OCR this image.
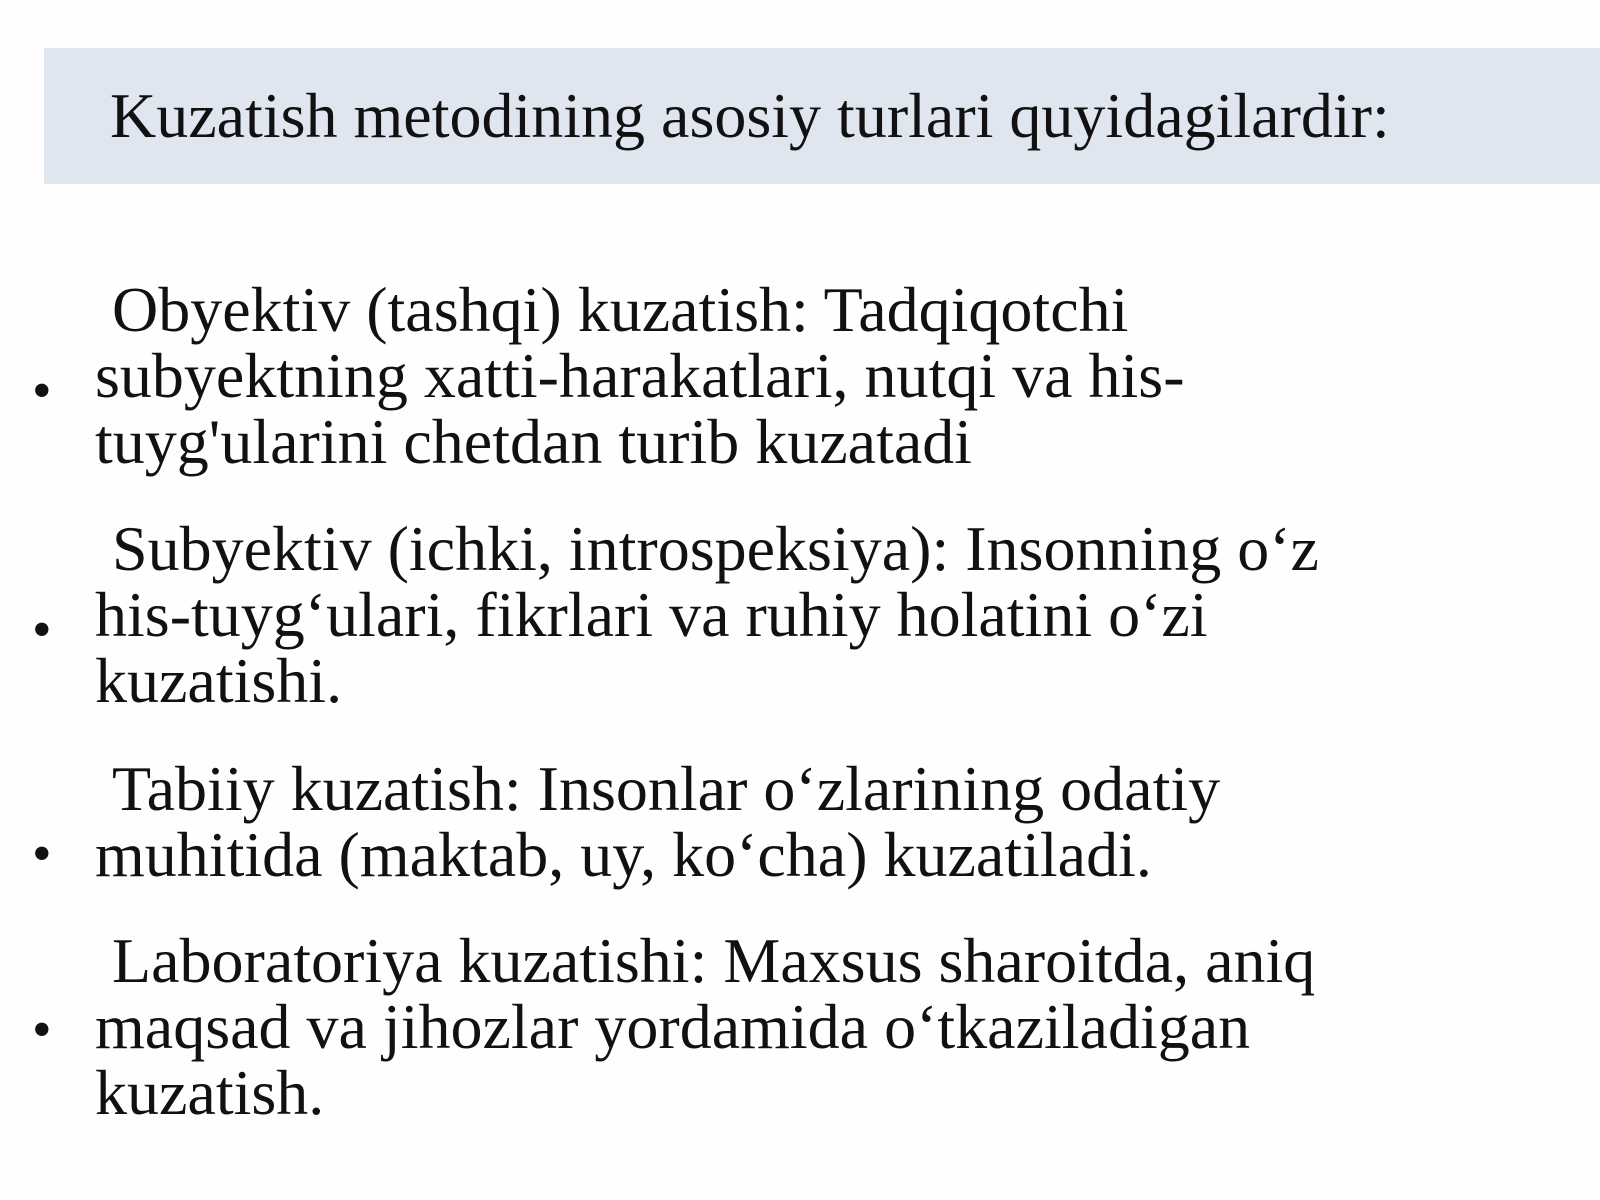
Kuzatish metodining asosiy turlari quyidagilardir:
•
Obyektiv (tashqi) kuzatish: Tadqiqotchi
subyektning xatti-harakatlari, nutqi va his-
tuyg'ularini chetdan turib kuzatadi
•
Subyektiv (ichki, introspeksiya): Insonning o‘z
his-tuyg‘ulari, fikrlari va ruhiy holatini o‘zi
kuzatishi.
•
Tabiiy kuzatish: Insonlar o‘zlarining odatiy
muhitida (maktab, uy, ko‘cha) kuzatiladi.
•
Laboratoriya kuzatishi: Maxsus sharoitda, aniq
maqsad va jihozlar yordamida o‘tkaziladigan
kuzatish.
